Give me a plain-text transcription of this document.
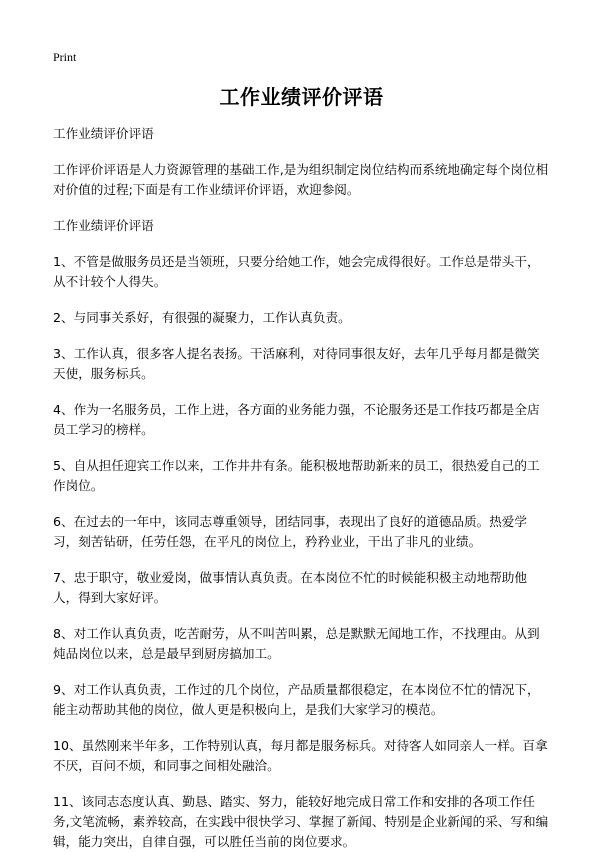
Print
工作业绩评价评语
工作业绩评价评语
工作评价评语是人力资源管理的基础工作,是为组织制定岗位结构而系统地确定每个岗位相对价值的过程;下面是有工作业绩评价评语，欢迎参阅。
工作业绩评价评语
1、不管是做服务员还是当领班，只要分给她工作，她会完成得很好。工作总是带头干，从不计较个人得失。
2、与同事关系好，有很强的凝聚力，工作认真负责。
3、工作认真，很多客人提名表扬。干活麻利，对待同事很友好，去年几乎每月都是微笑天使，服务标兵。
4、作为一名服务员，工作上进，各方面的业务能力强，不论服务还是工作技巧都是全店员工学习的榜样。
5、自从担任迎宾工作以来，工作井井有条。能积极地帮助新来的员工，很热爱自己的工作岗位。
6、在过去的一年中，该同志尊重领导，团结同事，表现出了良好的道德品质。热爱学习，刻苦钻研，任劳任怨，在平凡的岗位上，矜矜业业，干出了非凡的业绩。
7、忠于职守，敬业爱岗，做事情认真负责。在本岗位不忙的时候能积极主动地帮助他人，得到大家好评。
8、对工作认真负责，吃苦耐劳，从不叫苦叫累，总是默默无闻地工作，不找理由。从到炖品岗位以来，总是最早到厨房搞加工。
9、对工作认真负责，工作过的几个岗位，产品质量都很稳定，在本岗位不忙的情况下，能主动帮助其他的岗位，做人更是积极向上，是我们大家学习的模范。
10、虽然刚来半年多，工作特别认真，每月都是服务标兵。对待客人如同亲人一样。百拿不厌，百问不烦，和同事之间相处融洽。
11、该同志态度认真、勤恳、踏实、努力，能较好地完成日常工作和安排的各项工作任务,文笔流畅，素养较高，在实践中很快学习、掌握了新闻、特别是企业新闻的采、写和编辑，能力突出，自律自强，可以胜任当前的岗位要求。
